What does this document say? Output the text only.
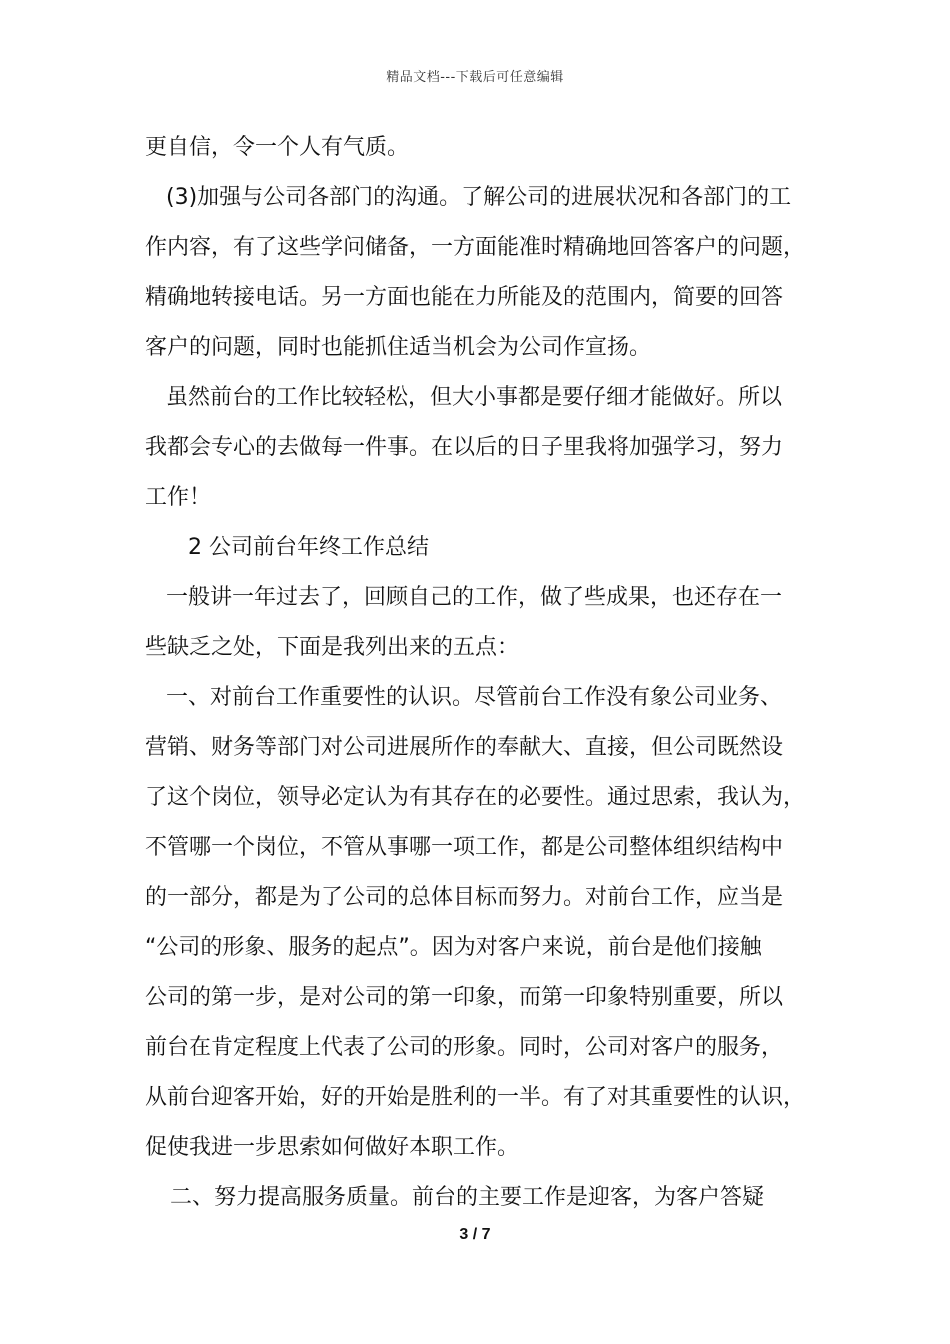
精品文档---下载后可任意编辑
更自信，令一个人有气质。
(3)加强与公司各部门的沟通。了解公司的进展状况和各部门的工
作内容，有了这些学问储备，一方面能准时精确地回答客户的问题，
精确地转接电话。另一方面也能在力所能及的范围内，简要的回答
客户的问题，同时也能抓住适当机会为公司作宣扬。
虽然前台的工作比较轻松，但大小事都是要仔细才能做好。所以
我都会专心的去做每一件事。在以后的日子里我将加强学习，努力
工作！
2 公司前台年终工作总结
一般讲一年过去了，回顾自己的工作，做了些成果，也还存在一
些缺乏之处，下面是我列出来的五点：
一、对前台工作重要性的认识。尽管前台工作没有象公司业务、
营销、财务等部门对公司进展所作的奉献大、直接，但公司既然设
了这个岗位，领导必定认为有其存在的必要性。通过思索，我认为，
不管哪一个岗位，不管从事哪一项工作，都是公司整体组织结构中
的一部分，都是为了公司的总体目标而努力。对前台工作，应当是
“公司的形象、服务的起点”。因为对客户来说，前台是他们接触
公司的第一步，是对公司的第一印象，而第一印象特别重要，所以
前台在肯定程度上代表了公司的形象。同时，公司对客户的服务，
从前台迎客开始，好的开始是胜利的一半。有了对其重要性的认识，
促使我进一步思索如何做好本职工作。
二、努力提高服务质量。前台的主要工作是迎客，为客户答疑
3 / 7
